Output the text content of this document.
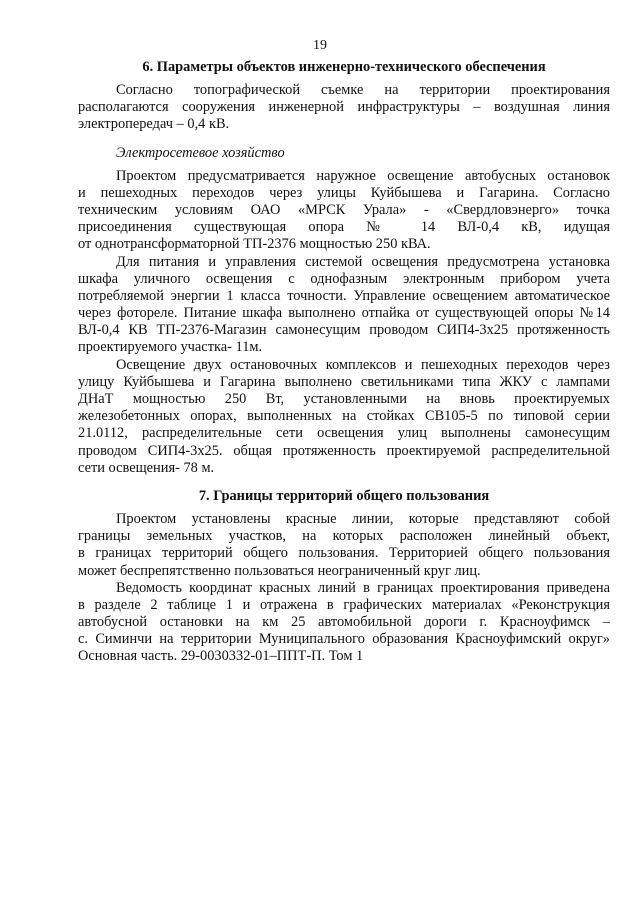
19
6. Параметры объектов инженерно-технического обеспечения
Согласно топографической съемке на территории проектирования
располагаются сооружения инженерной инфраструктуры – воздушная линия
электропередач – 0,4 кВ.
Электросетевое хозяйство
Проектом предусматривается наружное освещение автобусных остановок
и пешеходных переходов через улицы Куйбышева и Гагарина. Согласно
техническим условиям ОАО «МРСК Урала» - «Свердловэнерго» точка
присоединения существующая опора № 14 ВЛ-0,4 кВ, идущая
от однотрансформаторной ТП-2376 мощностью 250 кВА.
Для питания и управления системой освещения предусмотрена установка
шкафа уличного освещения с однофазным электронным прибором учета
потребляемой энергии 1 класса точности. Управление освещением автоматическое
через фотореле. Питание шкафа выполнено отпайка от существующей опоры №14
ВЛ-0,4 КВ ТП-2376-Магазин самонесущим проводом СИП4-3х25 протяженность
проектируемого участка- 11м.
Освещение двух остановочных комплексов и пешеходных переходов через
улицу Куйбышева и Гагарина выполнено светильниками типа ЖКУ с лампами
ДНаТ мощностью 250 Вт, установленными на вновь проектируемых
железобетонных опорах, выполненных на стойках СВ105-5 по типовой серии
21.0112, распределительные сети освещения улиц выполнены самонесущим
проводом СИП4-3х25. общая протяженность проектируемой распределительной
сети освещения- 78 м.
7. Границы территорий общего пользования
Проектом установлены красные линии, которые представляют собой
границы земельных участков, на которых расположен линейный объект,
в границах территорий общего пользования. Территорией общего пользования
может беспрепятственно пользоваться неограниченный круг лиц.
Ведомость координат красных линий в границах проектирования приведена
в разделе 2 таблице 1 и отражена в графических материалах «Реконструкция
автобусной остановки на км 25 автомобильной дороги г. Красноуфимск –
с. Симинчи на территории Муниципального образования Красноуфимский округ»
Основная часть. 29-0030332-01–ППТ-П. Том 1
